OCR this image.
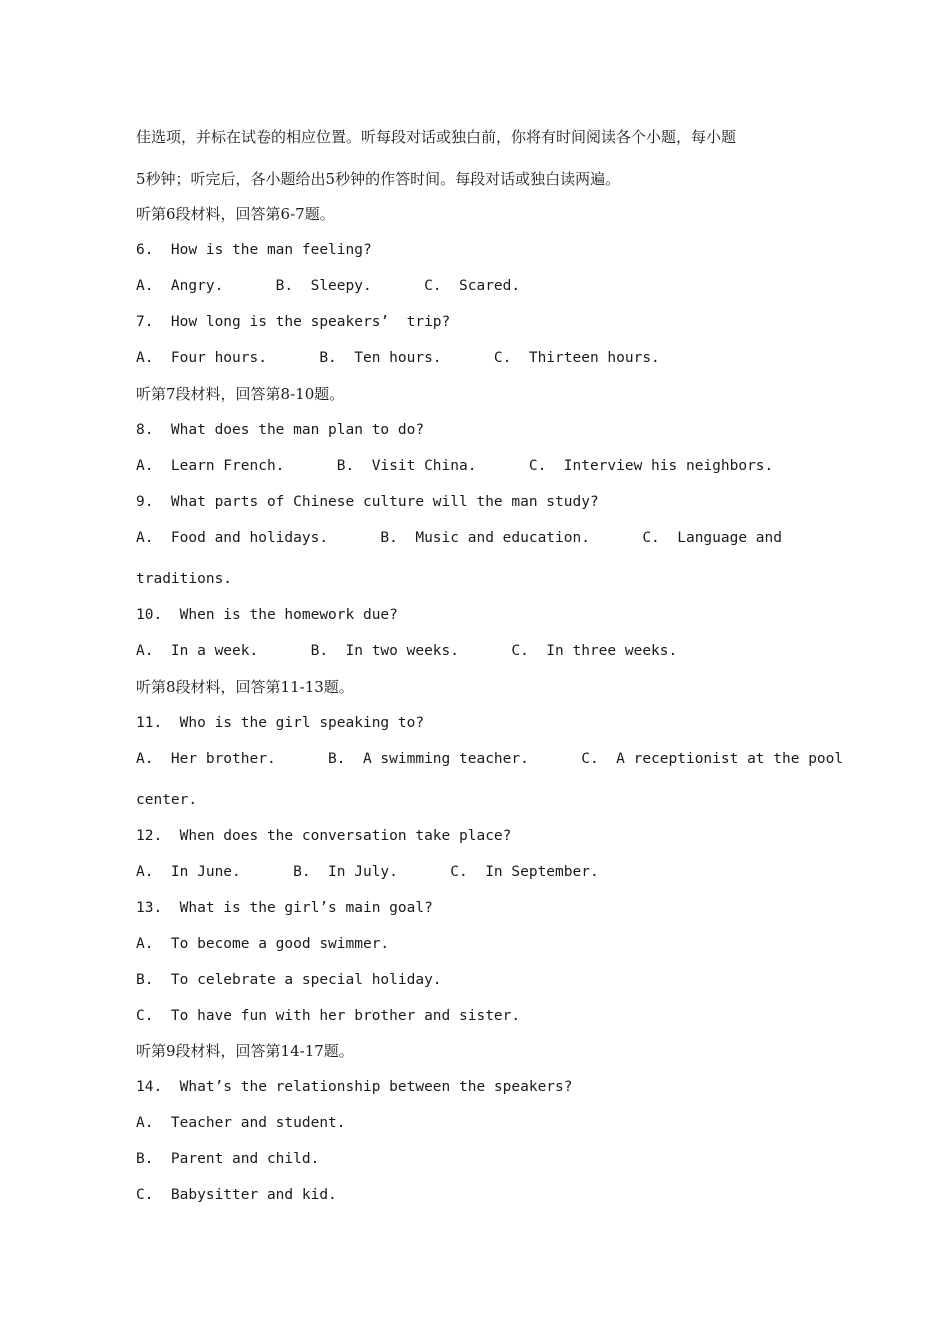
佳选项，并标在试卷的相应位置。听每段对话或独白前，你将有时间阅读各个小题，每小题
5秒钟；听完后，各小题给出5秒钟的作答时间。每段对话或独白读两遍。
听第6段材料，回答第6-7题。
6.  How is the man feeling?
A.  Angry.      B.  Sleepy.      C.  Scared.
7.  How long is the speakers’  trip?
A.  Four hours.      B.  Ten hours.      C.  Thirteen hours.
听第7段材料，回答第8-10题。
8.  What does the man plan to do?
A.  Learn French.      B.  Visit China.      C.  Interview his neighbors.
9.  What parts of Chinese culture will the man study?
A.  Food and holidays.      B.  Music and education.      C.  Language and
traditions.
10.  When is the homework due?
A.  In a week.      B.  In two weeks.      C.  In three weeks.
听第8段材料，回答第11-13题。
11.  Who is the girl speaking to?
A.  Her brother.      B.  A swimming teacher.      C.  A receptionist at the pool
center.
12.  When does the conversation take place?
A.  In June.      B.  In July.      C.  In September.
13.  What is the girl’s main goal?
A.  To become a good swimmer.
B.  To celebrate a special holiday.
C.  To have fun with her brother and sister.
听第9段材料，回答第14-17题。
14.  What’s the relationship between the speakers?
A.  Teacher and student.
B.  Parent and child.
C.  Babysitter and kid.
